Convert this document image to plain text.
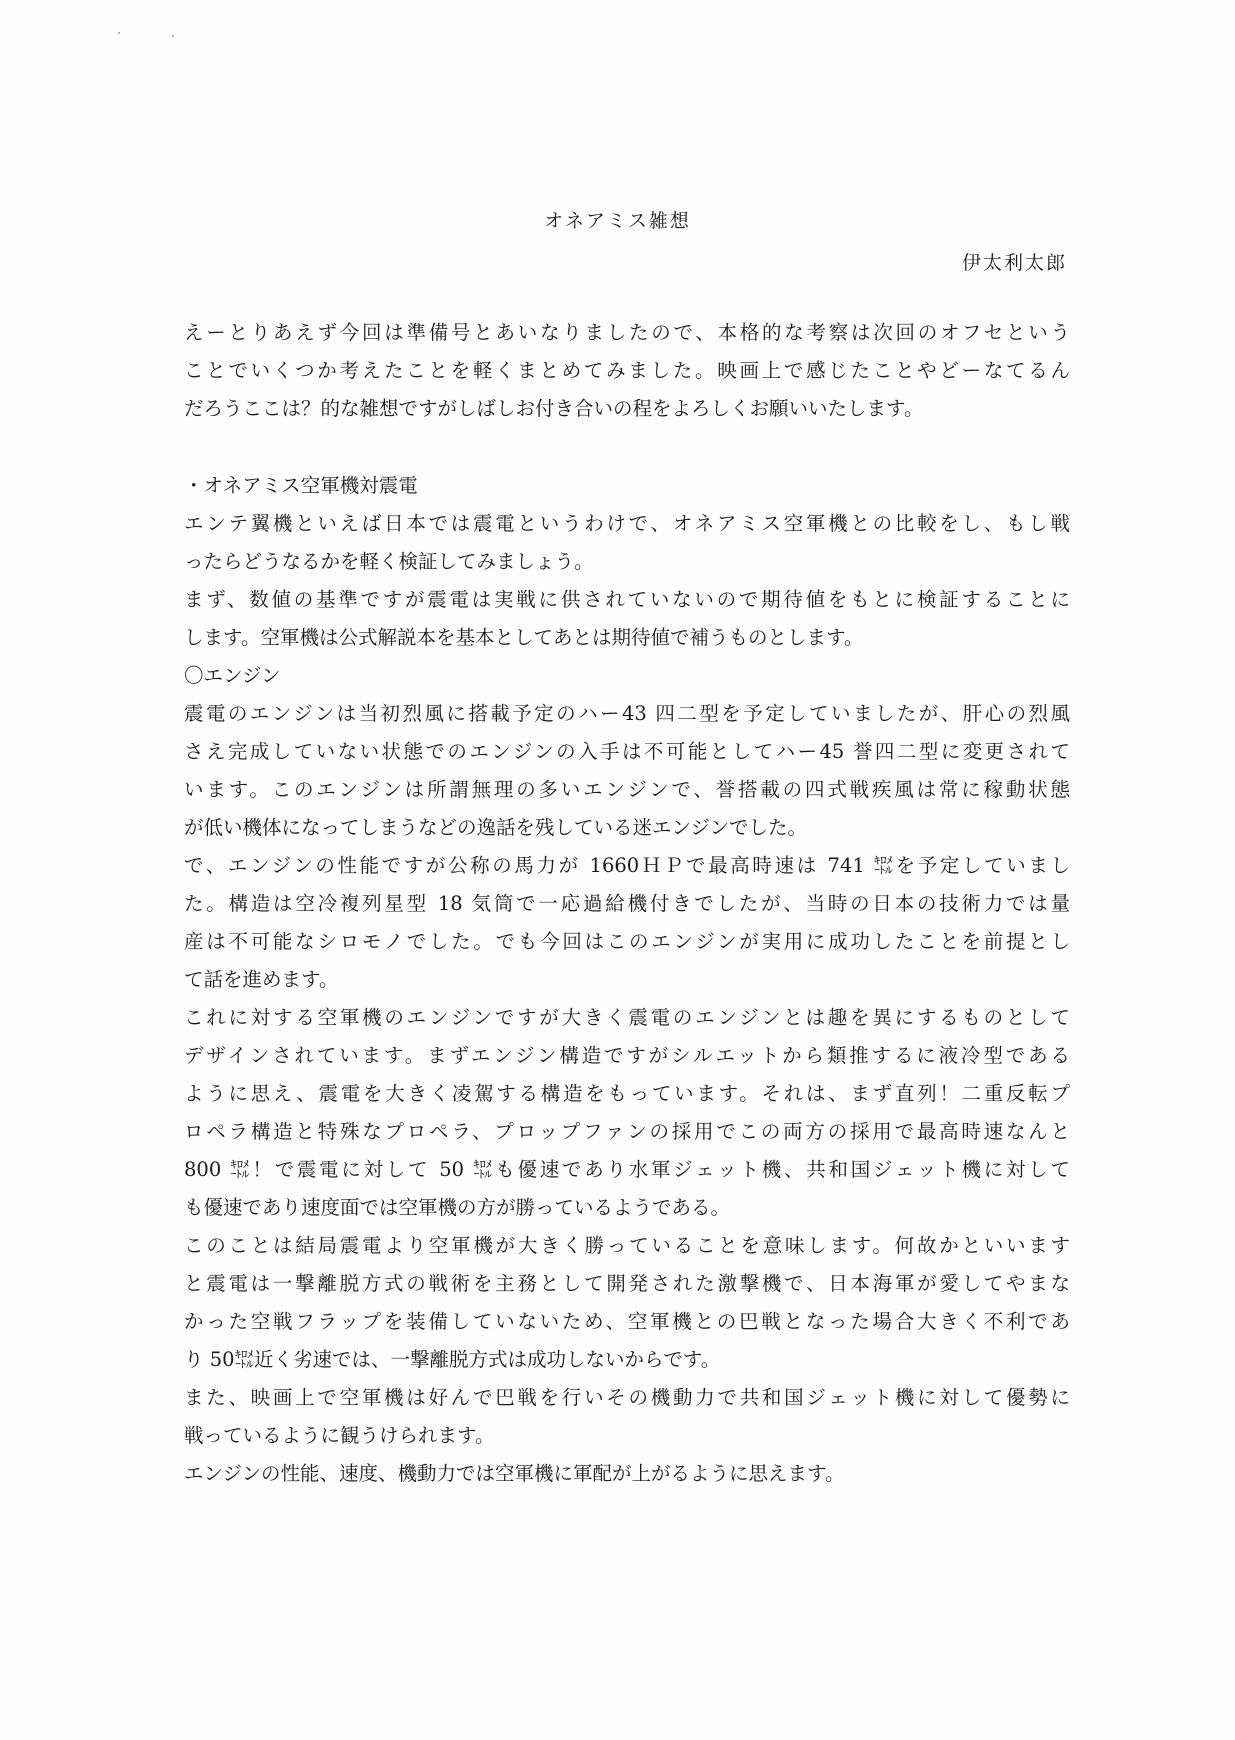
オネアミス雑想
伊太利太郎
えーとりあえず今回は準備号とあいなりましたので、本格的な考察は次回のオフセという
ことでいくつか考えたことを軽くまとめてみました。映画上で感じたことやどーなてるん
だろうここは？的な雑想ですがしばしお付き合いの程をよろしくお願いいたします。
・オネアミス空軍機対震電
エンテ翼機といえば日本では震電というわけで、オネアミス空軍機との比較をし、もし戦
ったらどうなるかを軽く検証してみましょう。
まず、数値の基準ですが震電は実戦に供されていないので期待値をもとに検証することに
します。空軍機は公式解説本を基本としてあとは期待値で補うものとします。
〇エンジン
震電のエンジンは当初烈風に搭載予定のハー43 四二型を予定していましたが、肝心の烈風
さえ完成していない状態でのエンジンの入手は不可能としてハー45 誉四二型に変更されて
います。このエンジンは所謂無理の多いエンジンで、誉搭載の四式戦疾風は常に稼動状態
が低い機体になってしまうなどの逸話を残している迷エンジンでした。
で、エンジンの性能ですが公称の馬力が 1660ＨＰで最高時速は 741 ㌖を予定していまし
た。構造は空冷複列星型 18 気筒で一応過給機付きでしたが、当時の日本の技術力では量
産は不可能なシロモノでした。でも今回はこのエンジンが実用に成功したことを前提とし
て話を進めます。
これに対する空軍機のエンジンですが大きく震電のエンジンとは趣を異にするものとして
デザインされています。まずエンジン構造ですがシルエットから類推するに液冷型である
ように思え、震電を大きく凌駕する構造をもっています。それは、まず直列！二重反転プ
ロペラ構造と特殊なプロペラ、プロップファンの採用でこの両方の採用で最高時速なんと
800 ㌖！で震電に対して 50 ㌖も優速であり水軍ジェット機、共和国ジェット機に対して
も優速であり速度面では空軍機の方が勝っているようである。
このことは結局震電より空軍機が大きく勝っていることを意味します。何故かといいます
と震電は一撃離脱方式の戦術を主務として開発された激撃機で、日本海軍が愛してやまな
かった空戦フラップを装備していないため、空軍機との巴戦となった場合大きく不利であ
り 50㌖近く劣速では、一撃離脱方式は成功しないからです。
また、映画上で空軍機は好んで巴戦を行いその機動力で共和国ジェット機に対して優勢に
戦っているように観うけられます。
エンジンの性能、速度、機動力では空軍機に軍配が上がるように思えます。
